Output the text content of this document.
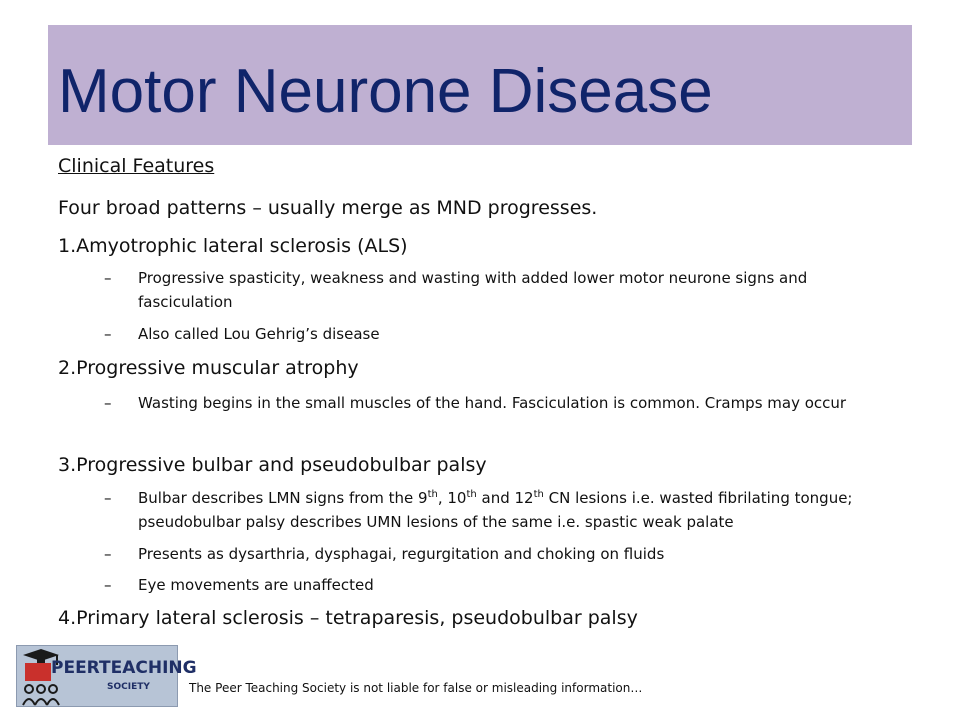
Motor Neurone Disease
Clinical Features
Four broad patterns – usually merge as MND progresses.
1.Amyotrophic lateral sclerosis (ALS)
– Progressive spasticity, weakness and wasting with added lower motor neurone signs and fasciculation
– Also called Lou Gehrig’s disease
2.Progressive muscular atrophy
– Wasting begins in the small muscles of the hand. Fasciculation is common. Cramps may occur
3.Progressive bulbar and pseudobulbar palsy
– Bulbar describes LMN signs from the 9th, 10th and 12th CN lesions i.e. wasted fibrilating tongue; pseudobulbar palsy describes UMN lesions of the same i.e. spastic weak palate
– Presents as dysarthria, dysphagai, regurgitation and choking on fluids
– Eye movements are unaffected
4.Primary lateral sclerosis – tetraparesis, pseudobulbar palsy
PEERTEACHING
SOCIETY	The Peer Teaching Society is not liable for false or misleading information…
